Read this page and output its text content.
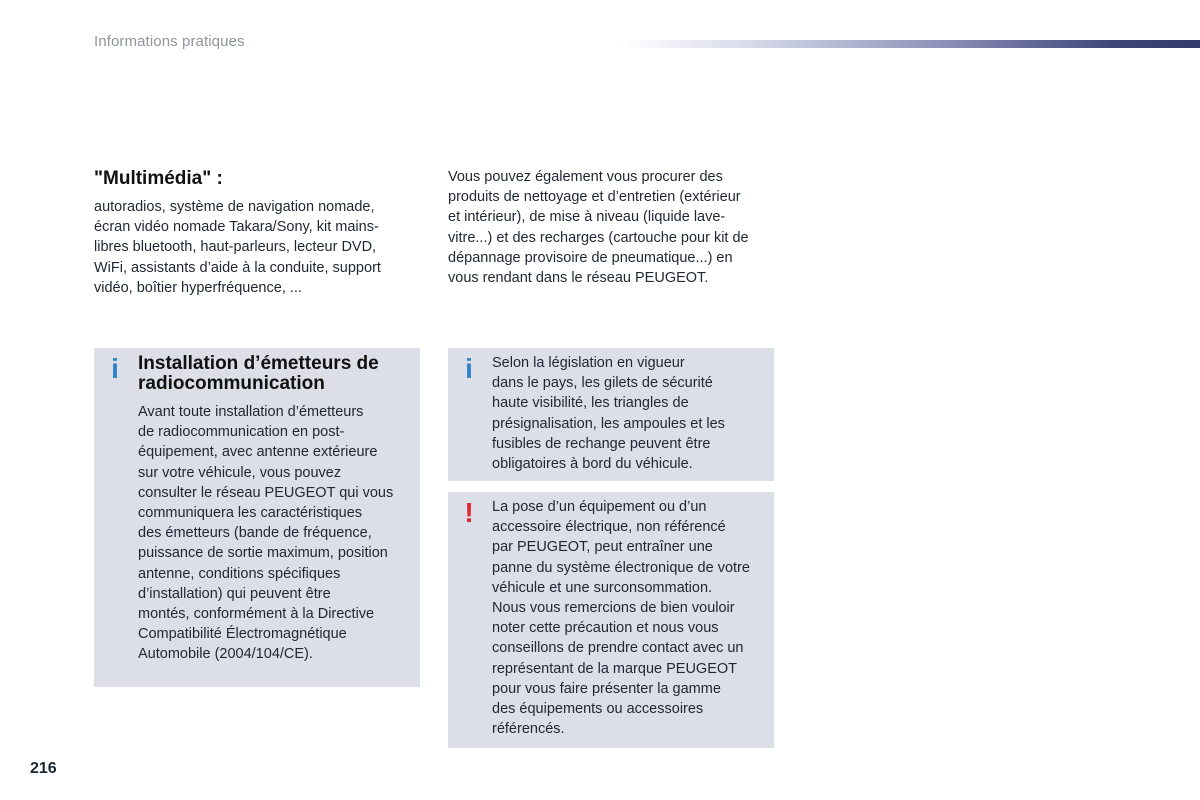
Informations pratiques
"Multimédia" :
autoradios, système de navigation nomade,
écran vidéo nomade Takara/Sony, kit mains-
libres bluetooth, haut-parleurs, lecteur DVD,
WiFi, assistants d’aide à la conduite, support
vidéo, boîtier hyperfréquence, ...
Vous pouvez également vous procurer des
produits de nettoyage et d’entretien (extérieur
et intérieur), de mise à niveau (liquide lave-
vitre...) et des recharges (cartouche pour kit de
dépannage provisoire de pneumatique...) en
vous rendant dans le réseau PEUGEOT.
i Installation d’émetteurs de
radiocommunication
Avant toute installation d’émetteurs
de radiocommunication en post-
équipement, avec antenne extérieure
sur votre véhicule, vous pouvez
consulter le réseau PEUGEOT qui vous
communiquera les caractéristiques
des émetteurs (bande de fréquence,
puissance de sortie maximum, position
antenne, conditions spécifiques
d’installation) qui peuvent être
montés, conformément à la Directive
Compatibilité Électromagnétique
Automobile (2004/104/CE).
i Selon la législation en vigueur
dans le pays, les gilets de sécurité
haute visibilité, les triangles de
présignalisation, les ampoules et les
fusibles de rechange peuvent être
obligatoires à bord du véhicule.
! La pose d’un équipement ou d’un
accessoire électrique, non référencé
par PEUGEOT, peut entraîner une
panne du système électronique de votre
véhicule et une surconsommation.
Nous vous remercions de bien vouloir
noter cette précaution et nous vous
conseillons de prendre contact avec un
représentant de la marque PEUGEOT
pour vous faire présenter la gamme
des équipements ou accessoires
référencés.
216
